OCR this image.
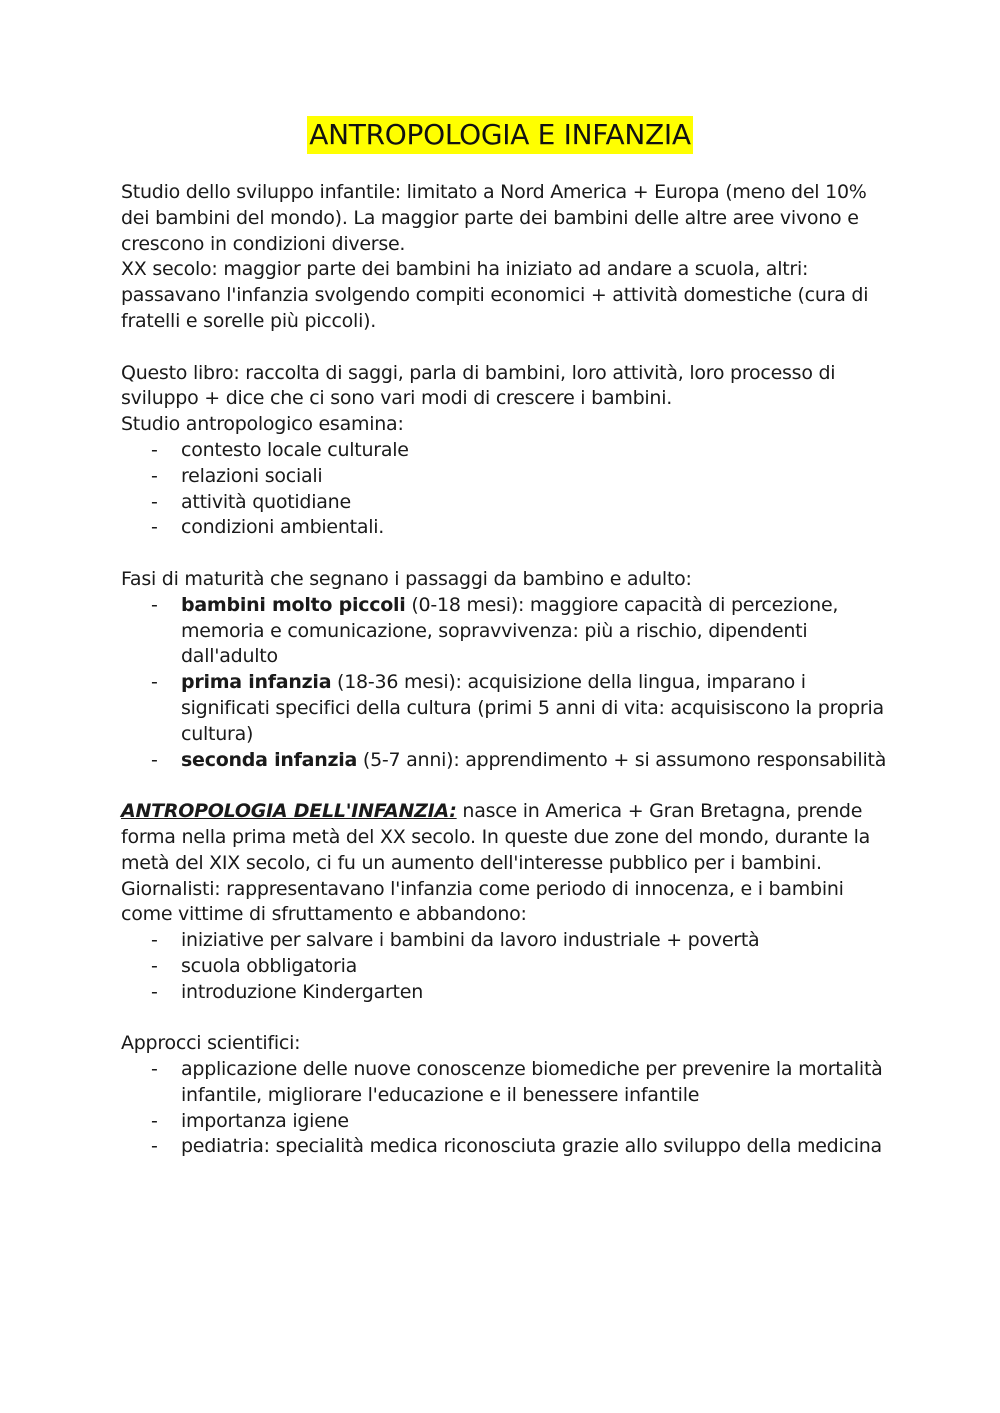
ANTROPOLOGIA E INFANZIA

Studio dello sviluppo infantile: limitato a Nord America + Europa (meno del 10% dei bambini del mondo). La maggior parte dei bambini delle altre aree vivono e crescono in condizioni diverse.

XX secolo: maggior parte dei bambini ha iniziato ad andare a scuola, altri: passavano l'infanzia svolgendo compiti economici + attività domestiche (cura di fratelli e sorelle più piccoli).

Questo libro: raccolta di saggi, parla di bambini, loro attività, loro processo di sviluppo + dice che ci sono vari modi di crescere i bambini.

Studio antropologico esamina:

- contesto locale culturale
- relazioni sociali
- attività quotidiane
- condizioni ambientali.

Fasi di maturità che segnano i passaggi da bambino e adulto:

- bambini molto piccoli (0-18 mesi): maggiore capacità di percezione, memoria e comunicazione, sopravvivenza: più a rischio, dipendenti dall'adulto
- prima infanzia (18-36 mesi): acquisizione della lingua, imparano i significati specifici della cultura (primi 5 anni di vita: acquisiscono la propria cultura)
- seconda infanzia (5-7 anni): apprendimento + si assumono responsabilità

ANTROPOLOGIA DELL'INFANZIA: nasce in America + Gran Bretagna, prende forma nella prima metà del XX secolo. In queste due zone del mondo, durante la metà del XIX secolo, ci fu un aumento dell'interesse pubblico per i bambini.

Giornalisti: rappresentavano l'infanzia come periodo di innocenza, e i bambini come vittime di sfruttamento e abbandono:

- iniziative per salvare i bambini da lavoro industriale + povertà
- scuola obbligatoria
- introduzione Kindergarten

Approcci scientifici:

- applicazione delle nuove conoscenze biomediche per prevenire la mortalità infantile, migliorare l'educazione e il benessere infantile
- importanza igiene
- pediatria: specialità medica riconosciuta grazie allo sviluppo della medicina
